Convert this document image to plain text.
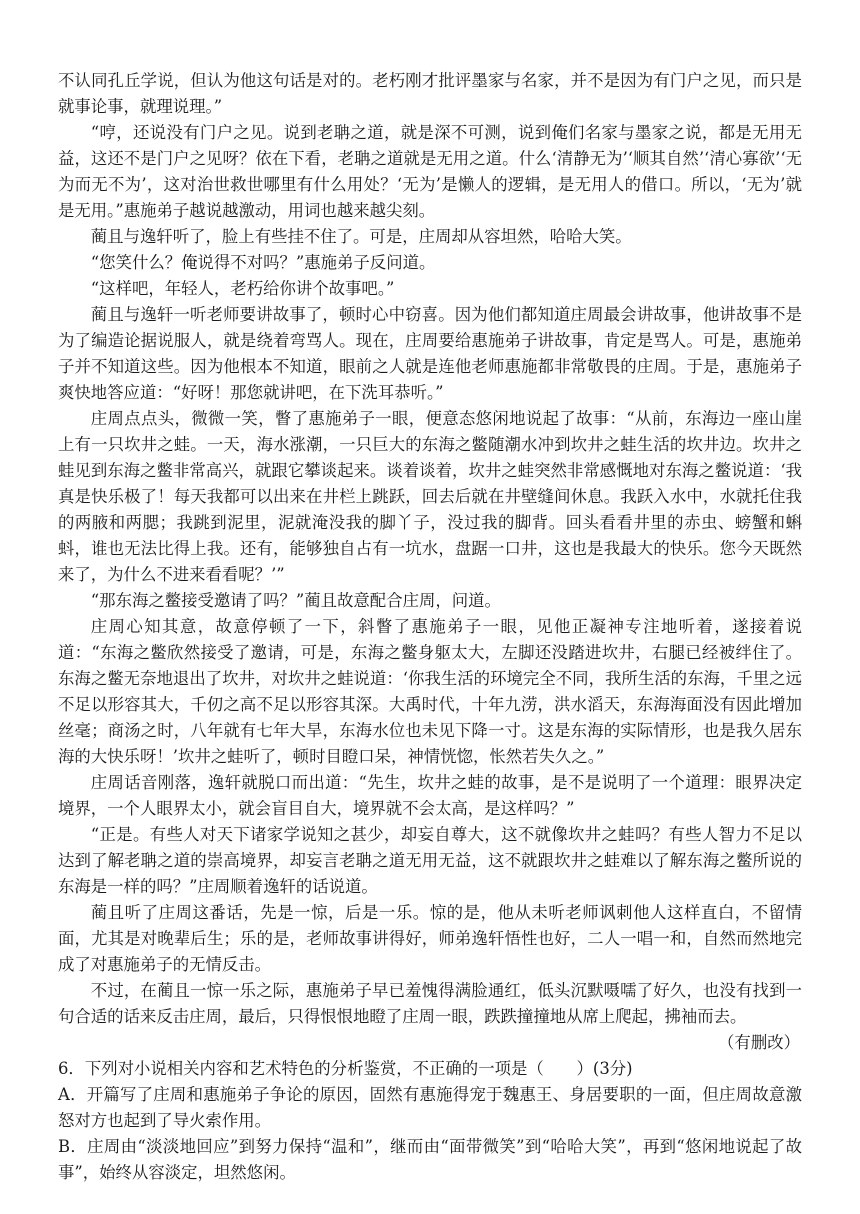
不认同孔丘学说，但认为他这句话是对的。老朽刚才批评墨家与名家，并不是因为有门户之见，而只是就事论事，就理说理。”

“哼，还说没有门户之见。说到老聃之道，就是深不可测，说到俺们名家与墨家之说，都是无用无益，这还不是门户之见呀？依在下看，老聃之道就是无用之道。什么‘清静无为’‘顺其自然’‘清心寡欲’‘无为而无不为’，这对治世救世哪里有什么用处？‘无为’是懒人的逻辑，是无用人的借口。所以，‘无为’就是无用。”惠施弟子越说越激动，用词也越来越尖刻。

蔺且与逸轩听了，脸上有些挂不住了。可是，庄周却从容坦然，哈哈大笑。

“您笑什么？俺说得不对吗？”惠施弟子反问道。

“这样吧，年轻人，老朽给你讲个故事吧。”

蔺且与逸轩一听老师要讲故事了，顿时心中窃喜。因为他们都知道庄周最会讲故事，他讲故事不是为了编造论据说服人，就是绕着弯骂人。现在，庄周要给惠施弟子讲故事，肯定是骂人。可是，惠施弟子并不知道这些。因为他根本不知道，眼前之人就是连他老师惠施都非常敬畏的庄周。于是，惠施弟子爽快地答应道：“好呀！那您就讲吧，在下洗耳恭听。”

庄周点点头，微微一笑，瞥了惠施弟子一眼，便意态悠闲地说起了故事：“从前，东海边一座山崖上有一只坎井之蛙。一天，海水涨潮，一只巨大的东海之鳖随潮水冲到坎井之蛙生活的坎井边。坎井之蛙见到东海之鳖非常高兴，就跟它攀谈起来。谈着谈着，坎井之蛙突然非常感慨地对东海之鳖说道：‘我真是快乐极了！每天我都可以出来在井栏上跳跃，回去后就在井壁缝间休息。我跃入水中，水就托住我的两腋和两腮；我跳到泥里，泥就淹没我的脚丫子，没过我的脚背。回头看看井里的赤虫、螃蟹和蝌蚪，谁也无法比得上我。还有，能够独自占有一坑水，盘踞一口井，这也是我最大的快乐。您今天既然来了，为什么不进来看看呢？’”

“那东海之鳖接受邀请了吗？”蔺且故意配合庄周，问道。

庄周心知其意，故意停顿了一下，斜瞥了惠施弟子一眼，见他正凝神专注地听着，遂接着说道：“东海之鳖欣然接受了邀请，可是，东海之鳖身躯太大，左脚还没踏进坎井，右腿已经被绊住了。东海之鳖无奈地退出了坎井，对坎井之蛙说道：‘你我生活的环境完全不同，我所生活的东海，千里之远不足以形容其大，千仞之高不足以形容其深。大禹时代，十年九涝，洪水滔天，东海海面没有因此增加丝毫；商汤之时，八年就有七年大旱，东海水位也未见下降一寸。这是东海的实际情形，也是我久居东海的大快乐呀！’坎井之蛙听了，顿时目瞪口呆，神情恍惚，怅然若失久之。”

庄周话音刚落，逸轩就脱口而出道：“先生，坎井之蛙的故事，是不是说明了一个道理：眼界决定境界，一个人眼界太小，就会盲目自大，境界就不会太高，是这样吗？”

“正是。有些人对天下诸家学说知之甚少，却妄自尊大，这不就像坎井之蛙吗？有些人智力不足以达到了解老聃之道的崇高境界，却妄言老聃之道无用无益，这不就跟坎井之蛙难以了解东海之鳖所说的东海是一样的吗？”庄周顺着逸轩的话说道。

蔺且听了庄周这番话，先是一惊，后是一乐。惊的是，他从未听老师讽刺他人这样直白，不留情面，尤其是对晚辈后生；乐的是，老师故事讲得好，师弟逸轩悟性也好，二人一唱一和，自然而然地完成了对惠施弟子的无情反击。

不过，在蔺且一惊一乐之际，惠施弟子早已羞愧得满脸通红，低头沉默嗫嚅了好久，也没有找到一句合适的话来反击庄周，最后，只得恨恨地瞪了庄周一眼，跌跌撞撞地从席上爬起，拂袖而去。

（有删改）

6．下列对小说相关内容和艺术特色的分析鉴赏，不正确的一项是（　　）(3分)

A．开篇写了庄周和惠施弟子争论的原因，固然有惠施得宠于魏惠王、身居要职的一面，但庄周故意激怒对方也起到了导火索作用。

B．庄周由“淡淡地回应”到努力保持“温和”，继而由“面带微笑”到“哈哈大笑”，再到“悠闲地说起了故事”，始终从容淡定，坦然悠闲。
